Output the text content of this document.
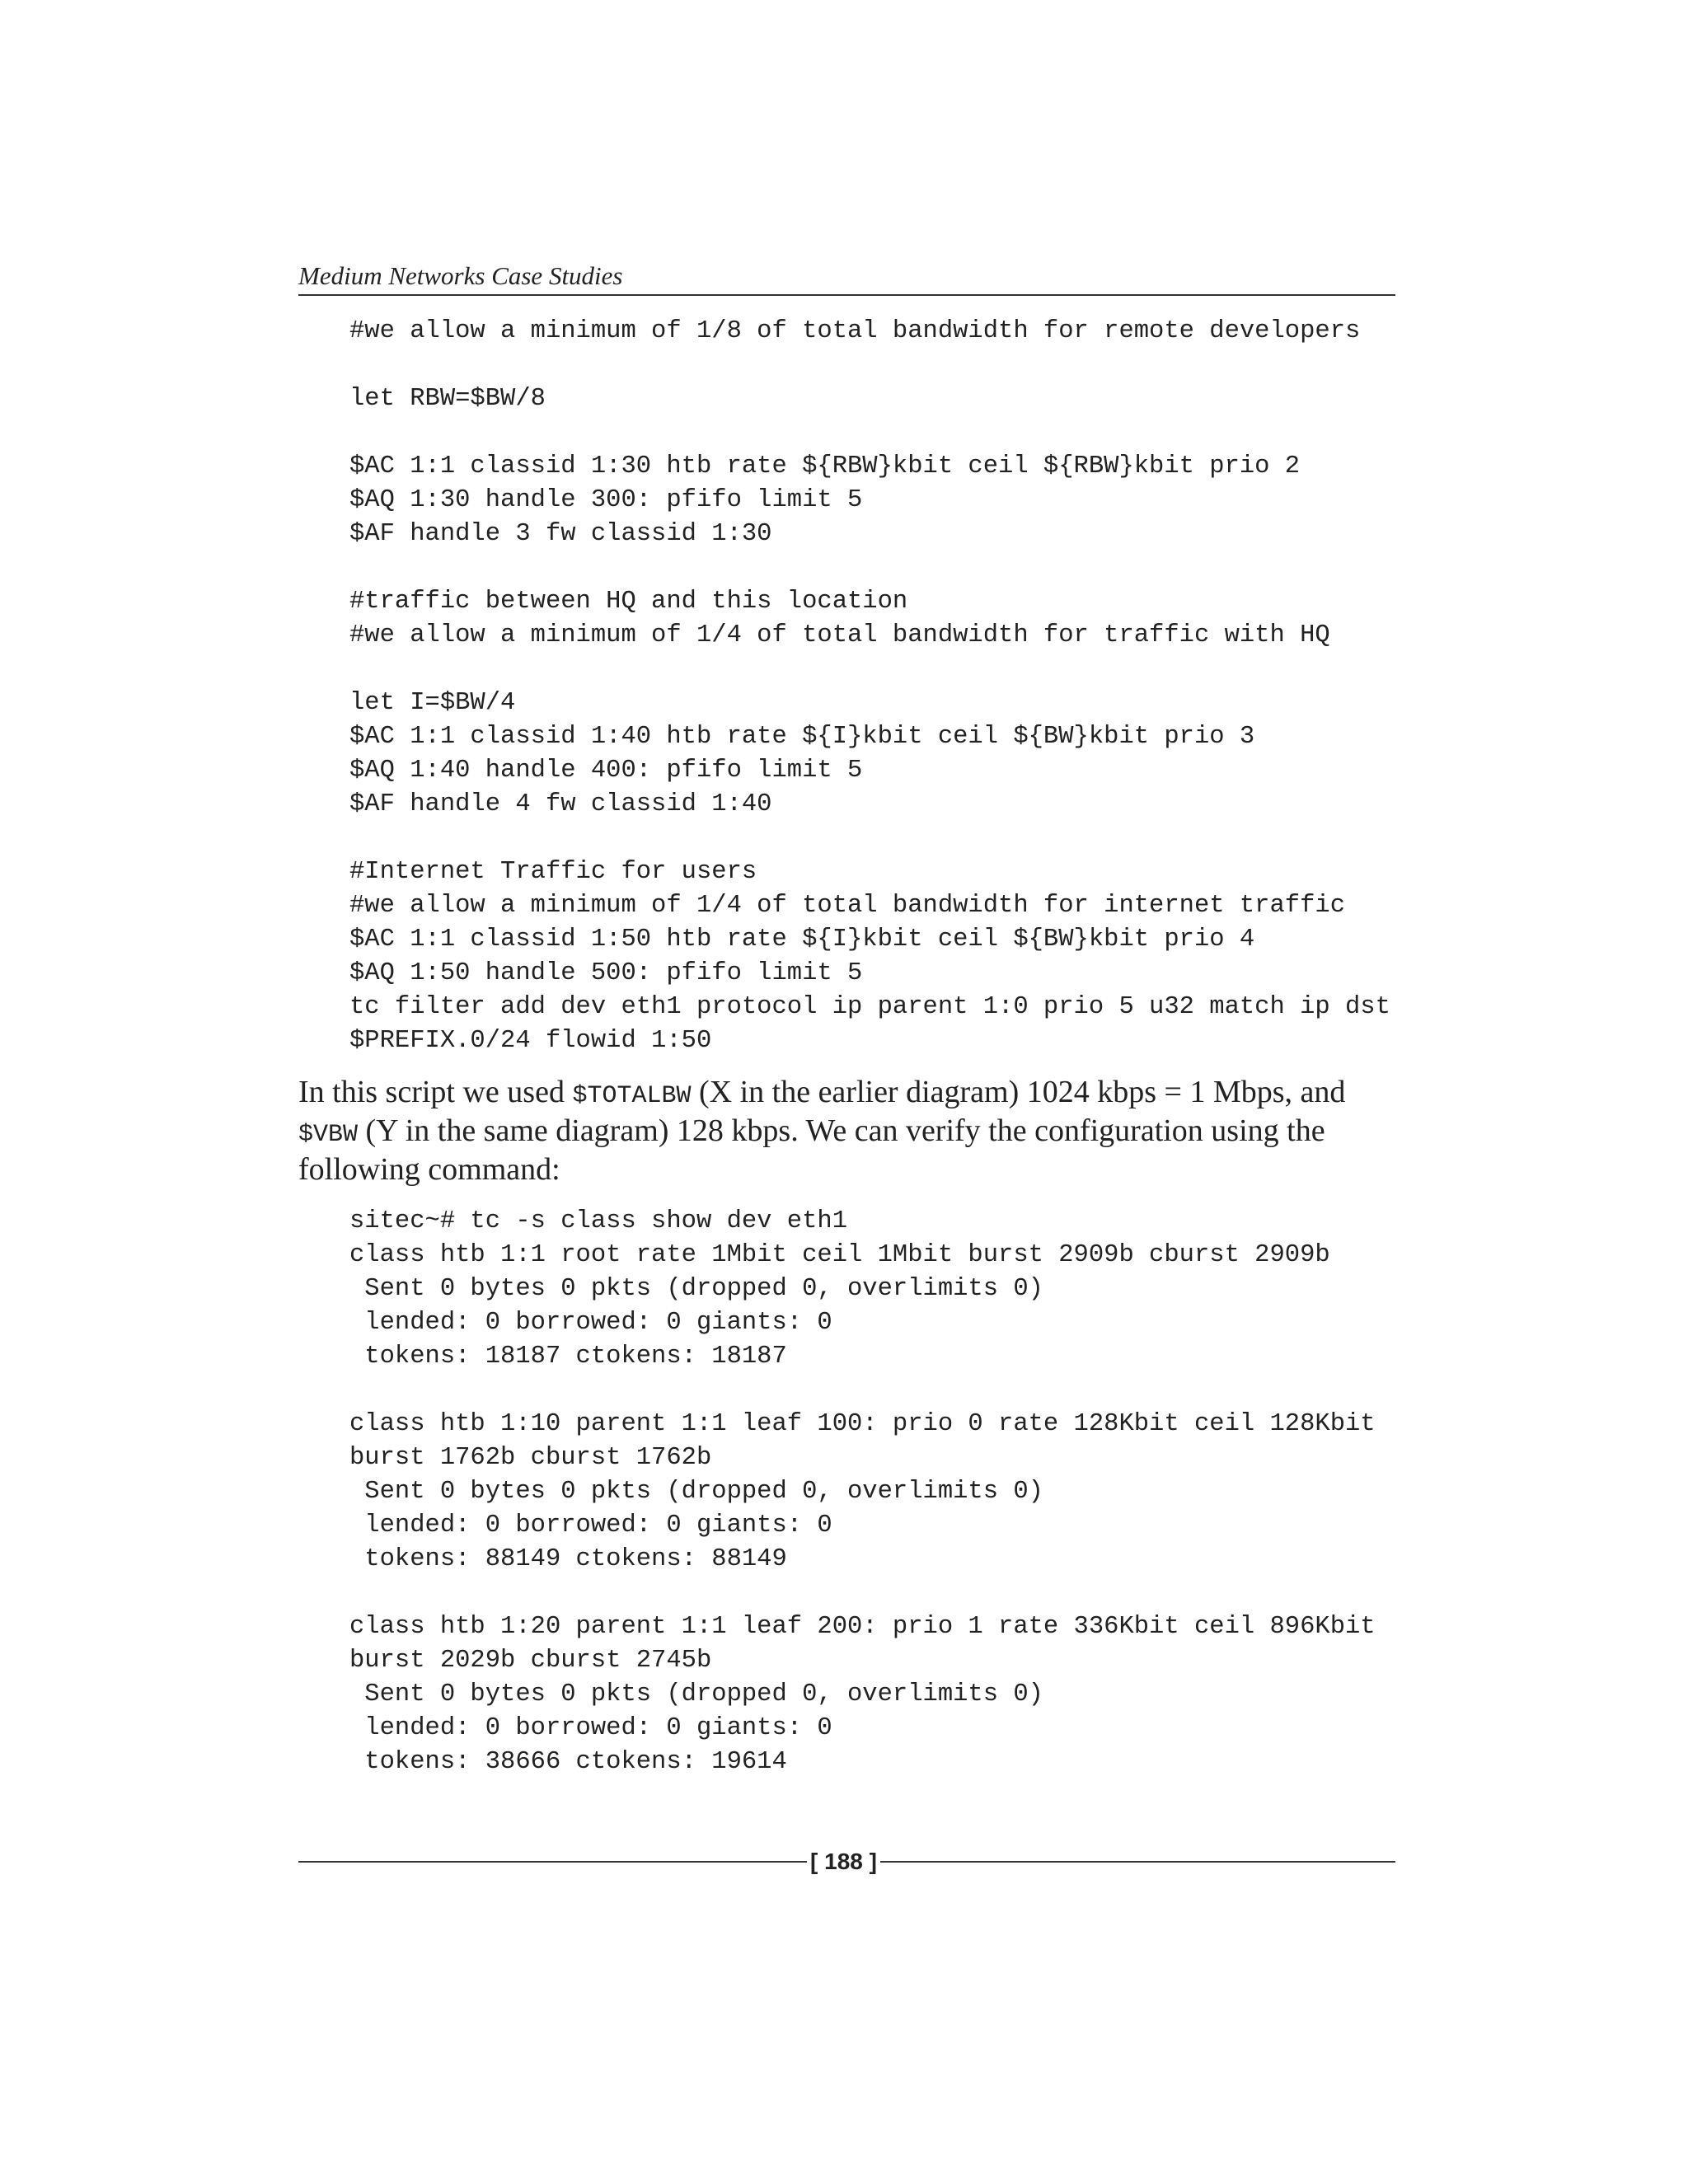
Medium Networks Case Studies
#we allow a minimum of 1/8 of total bandwidth for remote developers
let RBW=$BW/8
$AC 1:1 classid 1:30 htb rate ${RBW}kbit ceil ${RBW}kbit prio 2
$AQ 1:30 handle 300: pfifo limit 5
$AF handle 3 fw classid 1:30
#traffic between HQ and this location
#we allow a minimum of 1/4 of total bandwidth for traffic with HQ
let I=$BW/4
$AC 1:1 classid 1:40 htb rate ${I}kbit ceil ${BW}kbit prio 3
$AQ 1:40 handle 400: pfifo limit 5
$AF handle 4 fw classid 1:40
#Internet Traffic for users
#we allow a minimum of 1/4 of total bandwidth for internet traffic
$AC 1:1 classid 1:50 htb rate ${I}kbit ceil ${BW}kbit prio 4
$AQ 1:50 handle 500: pfifo limit 5
tc filter add dev eth1 protocol ip parent 1:0 prio 5 u32 match ip dst
$PREFIX.0/24 flowid 1:50

In this script we used $TOTALBW (X in the earlier diagram) 1024 kbps = 1 Mbps, and $VBW (Y in the same diagram) 128 kbps. We can verify the configuration using the following command:

sitec~# tc -s class show dev eth1
class htb 1:1 root rate 1Mbit ceil 1Mbit burst 2909b cburst 2909b
Sent 0 bytes 0 pkts (dropped 0, overlimits 0)
lended: 0 borrowed: 0 giants: 0
tokens: 18187 ctokens: 18187
class htb 1:10 parent 1:1 leaf 100: prio 0 rate 128Kbit ceil 128Kbit
burst 1762b cburst 1762b
Sent 0 bytes 0 pkts (dropped 0, overlimits 0)
lended: 0 borrowed: 0 giants: 0
tokens: 88149 ctokens: 88149
class htb 1:20 parent 1:1 leaf 200: prio 1 rate 336Kbit ceil 896Kbit
burst 2029b cburst 2745b
Sent 0 bytes 0 pkts (dropped 0, overlimits 0)
lended: 0 borrowed: 0 giants: 0
tokens: 38666 ctokens: 19614
[ 188 ]
